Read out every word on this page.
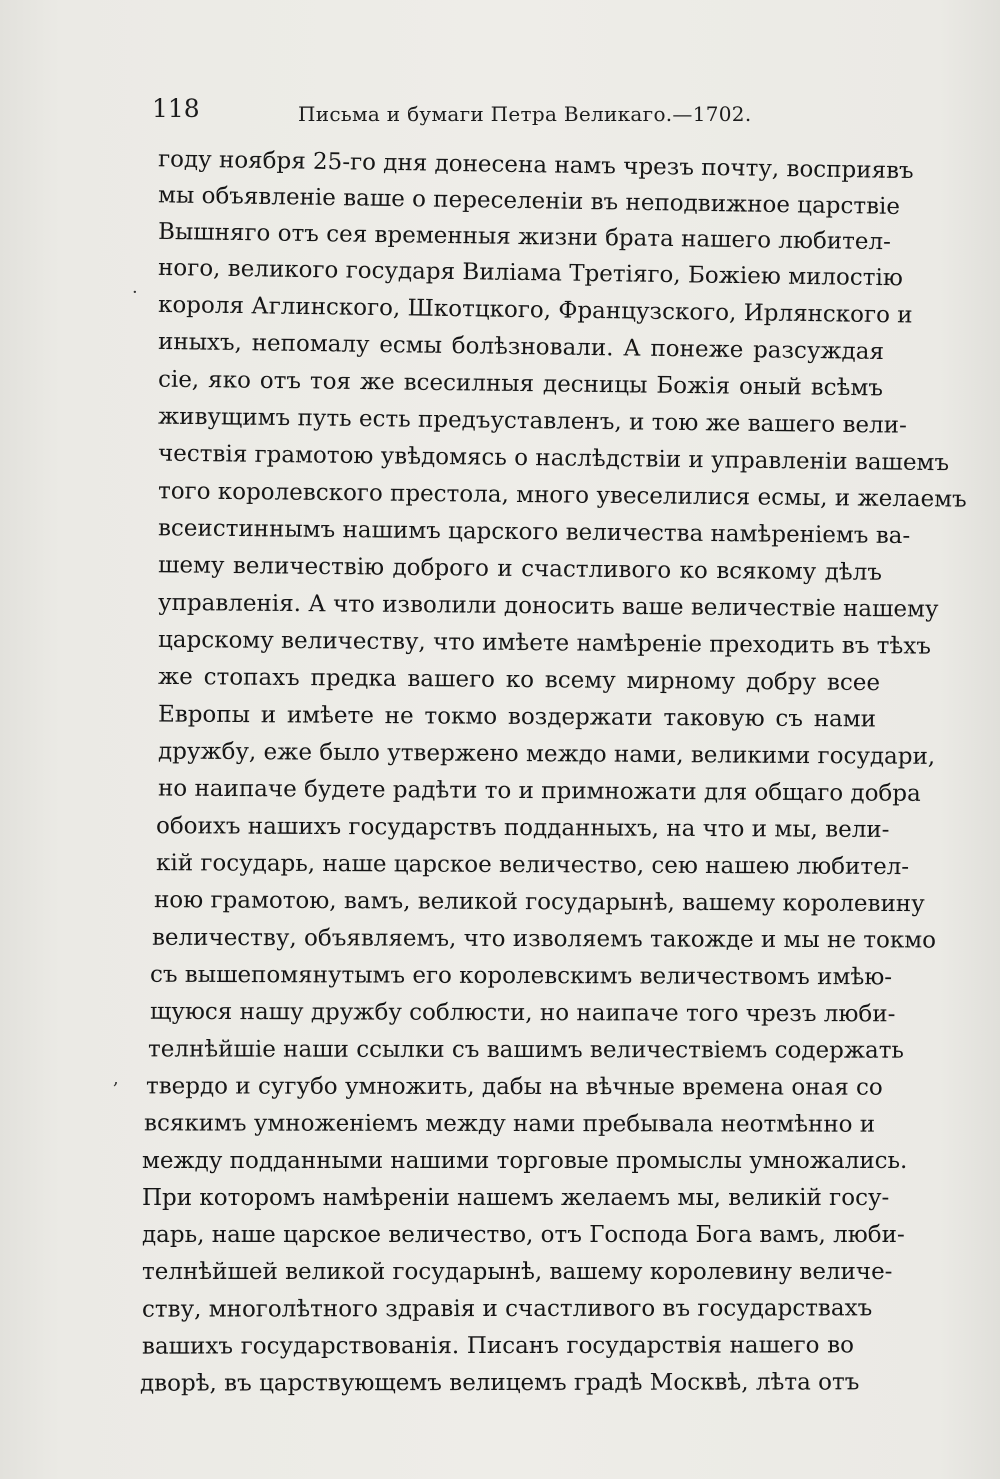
118	Письма и бумаги Петра Великаго.—1702.
·
,
году ноября 25-го дня донесена намъ чрезъ почту, восприявъ
мы объявленіе ваше о переселеніи въ неподвижное царствіе
Вышняго отъ сея временныя жизни брата нашего любител-
ного, великого государя Виліама Третіяго, Божіею милостію
короля Аглинского, Шкотцкого, Французского, Ирлянского и
иныхъ, непомалу есмы болѣзновали. А понеже разсуждая
сіе, яко отъ тоя же всесилныя десницы Божія оный всѣмъ
живущимъ путь есть предъуставленъ, и тою же вашего вели-
чествія грамотою увѣдомясь о наслѣдствіи и управленіи вашемъ
того королевского престола, много увеселилися есмы, и желаемъ
всеистиннымъ нашимъ царского величества намѣреніемъ ва-
шему величествію доброго и счастливого ко всякому дѣлъ
управленія. А что изволили доносить ваше величествіе нашему
царскому величеству, что имѣете намѣреніе преходить въ тѣхъ
же стопахъ предка вашего ко всему мирному добру всее
Европы и имѣете не токмо воздержати таковую съ нами
дружбу, еже было утвержено междо нами, великими государи,
но наипаче будете радѣти то и примножати для общаго добра
обоихъ нашихъ государствъ подданныхъ, на что и мы, вели-
кій государь, наше царское величество, сею нашею любител-
ною грамотою, вамъ, великой государынѣ, вашему королевину
величеству, объявляемъ, что изволяемъ такожде и мы не токмо
съ вышепомянутымъ его королевскимъ величествомъ имѣю-
щуюся нашу дружбу соблюсти, но наипаче того чрезъ люби-
телнѣйшіе наши ссылки съ вашимъ величествіемъ содержать
твердо и сугубо умножить, дабы на вѣчные времена оная со
всякимъ умноженіемъ между нами пребывала неотмѣнно и
между подданными нашими торговые промыслы умножались.
При которомъ намѣреніи нашемъ желаемъ мы, великій госу-
дарь, наше царское величество, отъ Господа Бога вамъ, люби-
телнѣйшей великой государынѣ, вашему королевину величе-
ству, многолѣтного здравія и счастливого въ государствахъ
вашихъ государствованія. Писанъ государствія нашего во
дворѣ, въ царствующемъ велицемъ градѣ Москвѣ, лѣта отъ
